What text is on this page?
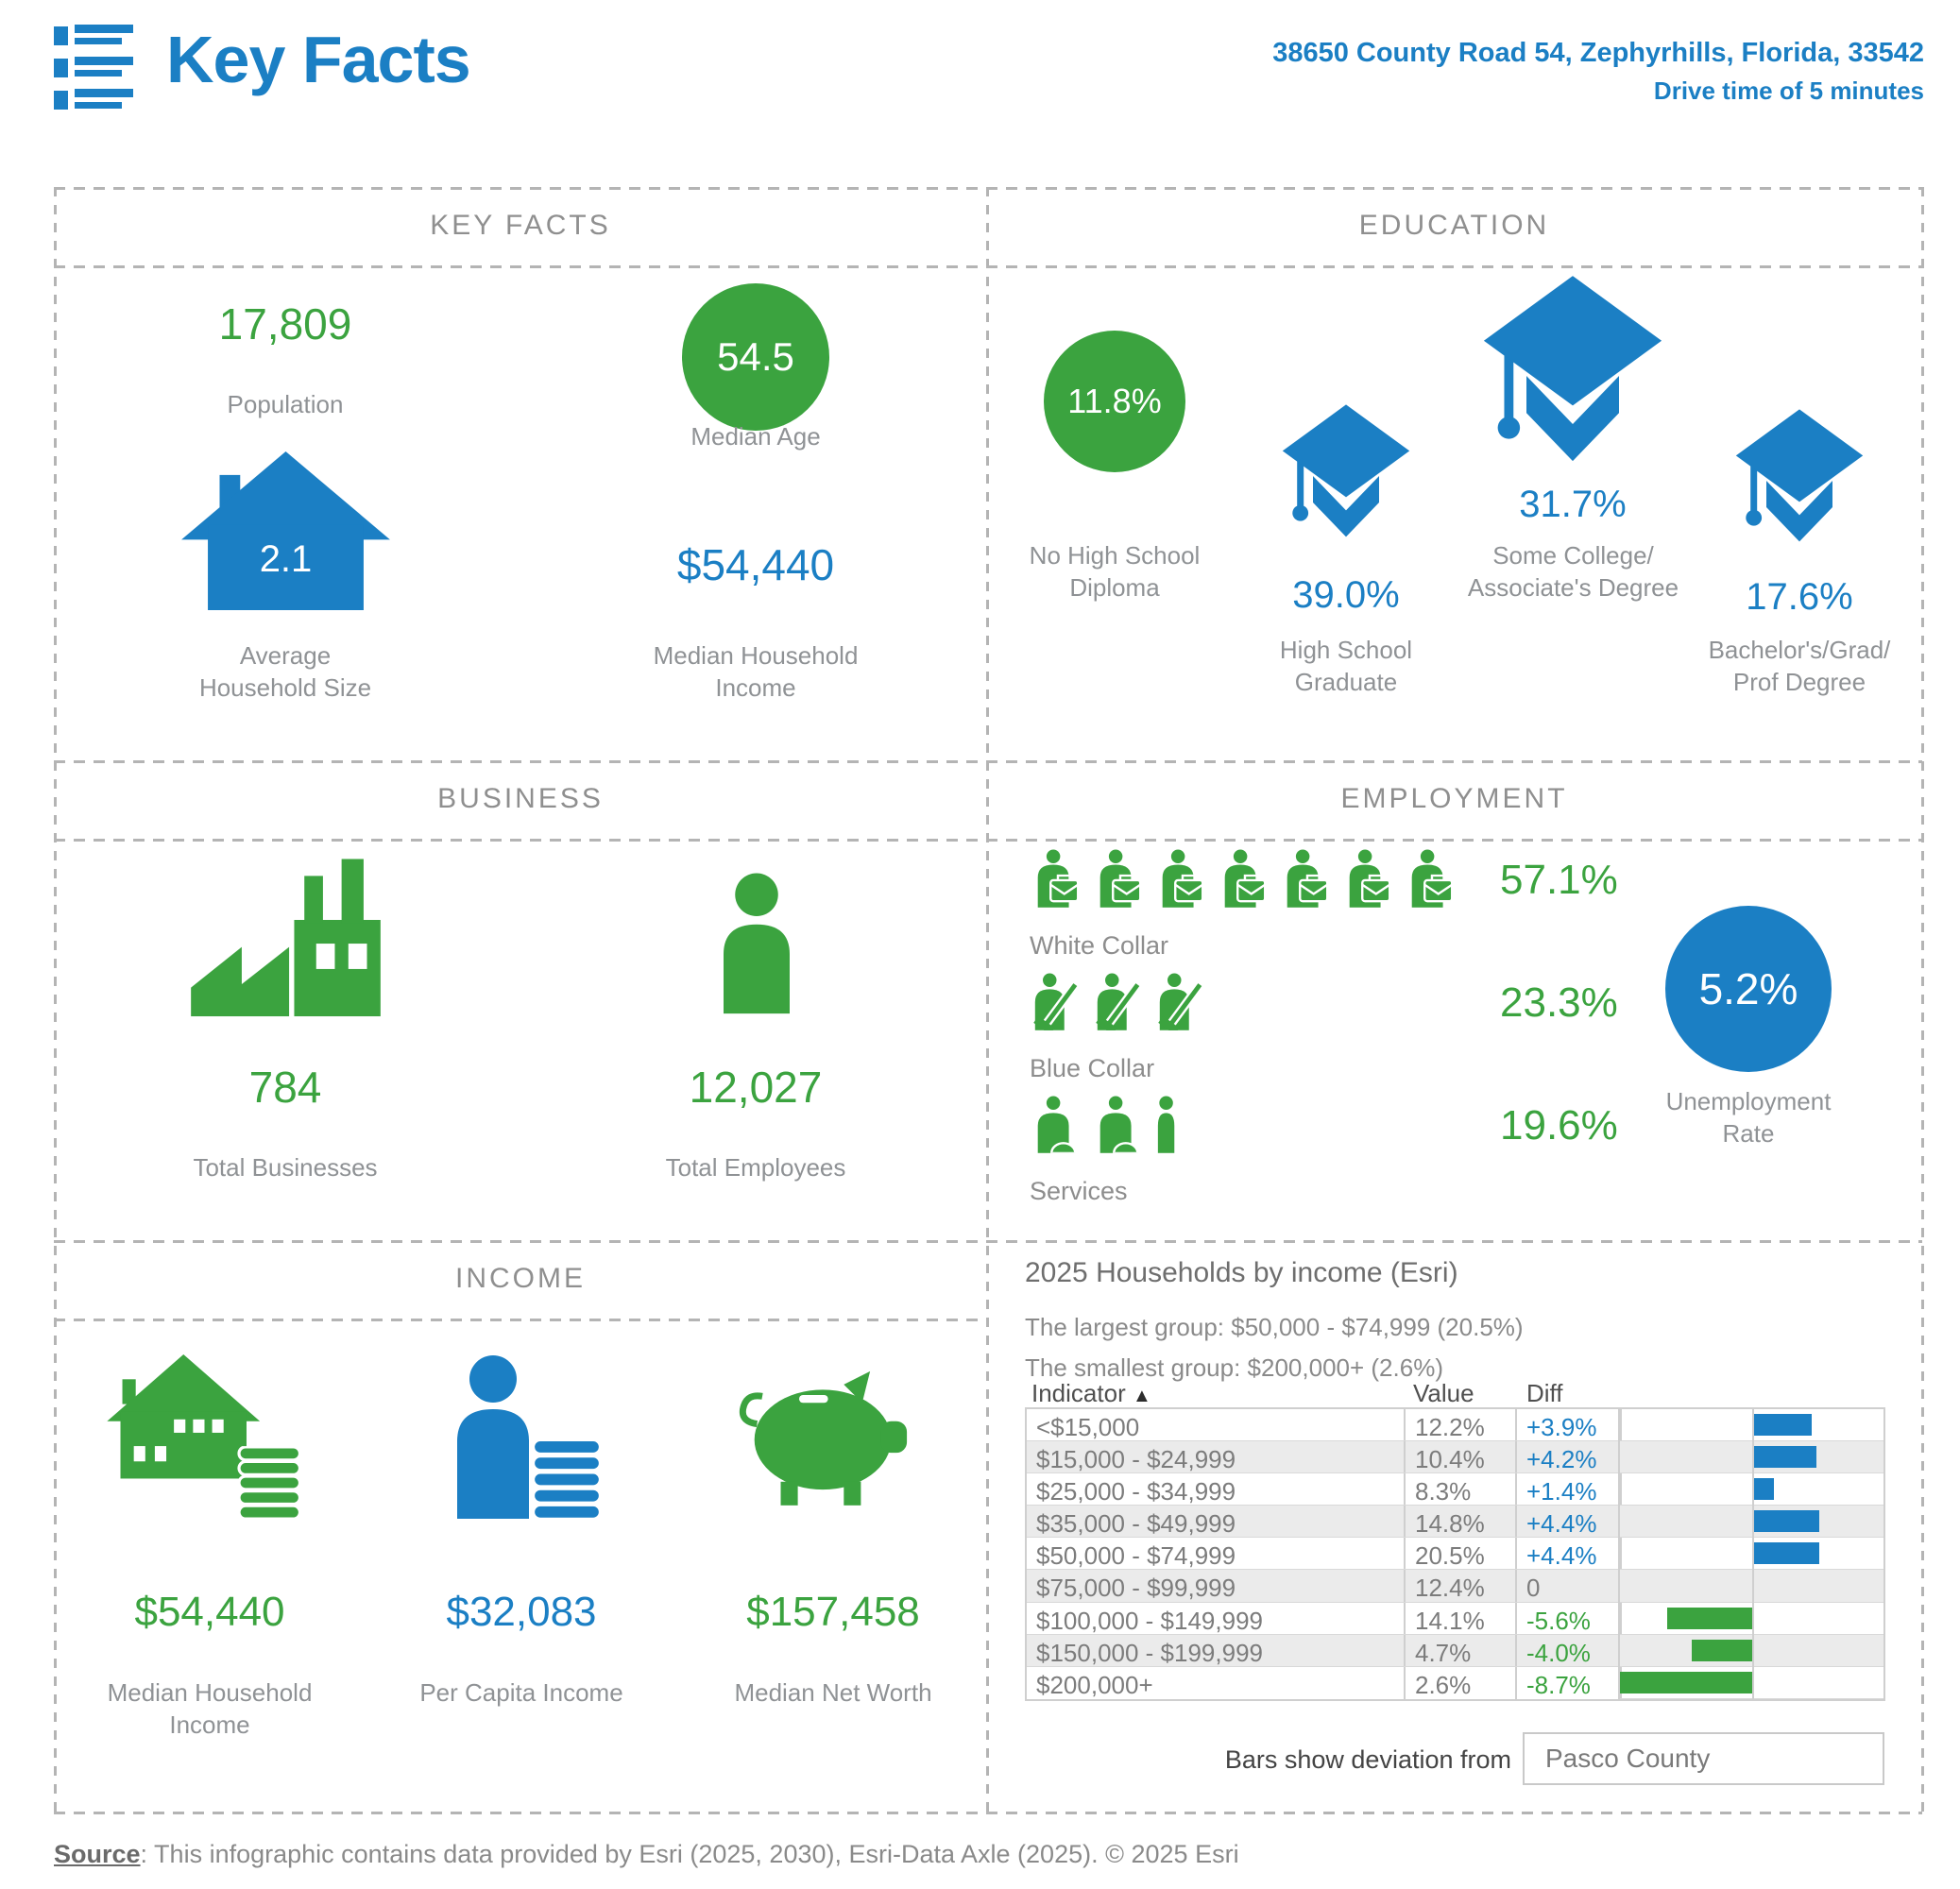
Key Facts	38650 County Road 54, Zephyrhills, Florida, 33542
Drive time of 5 minutes
KEY FACTS	EDUCATION
BUSINESS	EMPLOYMENT
INCOME
17,809
Population
54.5
Median Age
2.1
Average
Household Size
$54,440
Median Household
Income
11.8%
No High School
Diploma	39.0%
High School
Graduate
31.7%
Some College/
Associate's Degree	17.6%
Bachelor's/Grad/
Prof Degree
784	12,027
Total Businesses	Total Employees
57.1%
White Collar
23.3%
Blue Collar
19.6%
Services
5.2%
Unemployment
Rate
$54,440	$32,083	$157,458
Median Household
Income
Per Capita Income	Median Net Worth
2025 Households by income (Esri)
The largest group: $50,000 - $74,999 (20.5%)
The smallest group: $200,000+ (2.6%)
Indicator ▲	Value Diff
<$15,000	12.2%	+3.9%
$15,000 - $24,999	10.4%	+4.2%
$25,000 - $34,999	8.3%	+1.4%
$35,000 - $49,999	14.8%	+4.4%
$50,000 - $74,999	20.5%	+4.4%
$75,000 - $99,999	12.4%	0
$100,000 - $149,999	14.1%	-5.6%
$150,000 - $199,999	4.7%	-4.0%
$200,000+	2.6%	-8.7%
Bars show deviation from	Pasco County
Source: This infographic contains data provided by Esri (2025, 2030), Esri-Data Axle (2025). © 2025 Esri
